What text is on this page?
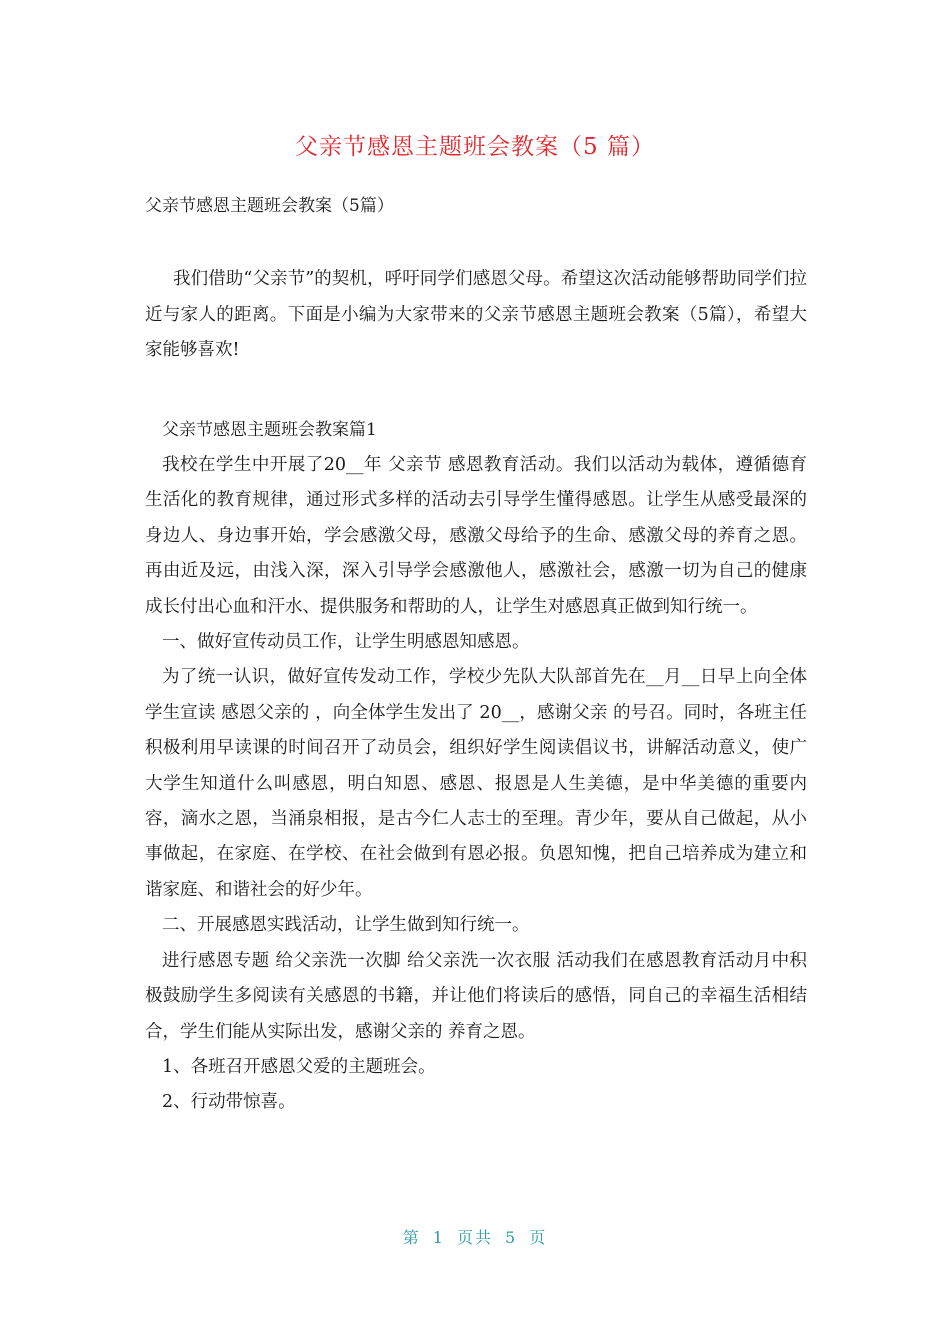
父亲节感恩主题班会教案（5 篇）
父亲节感恩主题班会教案（5篇）

我们借助“父亲节”的契机，呼吁同学们感恩父母。希望这次活动能够帮助同学们拉近与家人的距离。下面是小编为大家带来的父亲节感恩主题班会教案（5篇），希望大家能够喜欢!

父亲节感恩主题班会教案篇1

我校在学生中开展了20__年 父亲节 感恩教育活动。我们以活动为载体，遵循德育生活化的教育规律，通过形式多样的活动去引导学生懂得感恩。让学生从感受最深的身边人、身边事开始，学会感激父母，感激父母给予的生命、感激父母的养育之恩。再由近及远，由浅入深，深入引导学会感激他人，感激社会，感激一切为自己的健康成长付出心血和汗水、提供服务和帮助的人，让学生对感恩真正做到知行统一。

一、做好宣传动员工作，让学生明感恩知感恩。

为了统一认识，做好宣传发动工作，学校少先队大队部首先在__月__日早上向全体学生宣读 感恩父亲的 ，向全体学生发出了 20__，感谢父亲 的号召。同时，各班主任积极利用早读课的时间召开了动员会，组织好学生阅读倡议书，讲解活动意义，使广大学生知道什么叫感恩，明白知恩、感恩、报恩是人生美德，是中华美德的重要内容，滴水之恩，当涌泉相报，是古今仁人志士的至理。青少年，要从自己做起，从小事做起，在家庭、在学校、在社会做到有恩必报。负恩知愧，把自己培养成为建立和谐家庭、和谐社会的好少年。

二、开展感恩实践活动，让学生做到知行统一。

进行感恩专题 给父亲洗一次脚 给父亲洗一次衣服 活动我们在感恩教育活动月中积极鼓励学生多阅读有关感恩的书籍，并让他们将读后的感悟，同自己的幸福生活相结合，学生们能从实际出发，感谢父亲的 养育之恩。

1、各班召开感恩父爱的主题班会。

2、行动带惊喜。

第 1 页共 5 页
